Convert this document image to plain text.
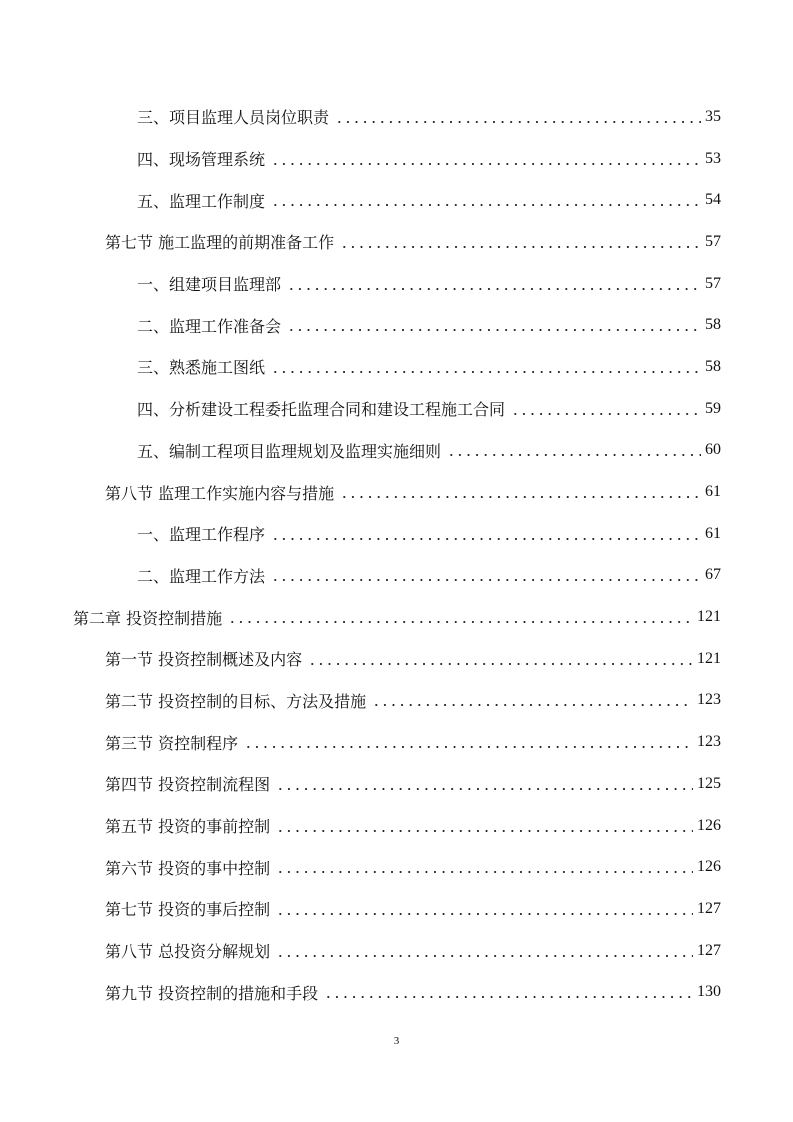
三、项目监理人员岗位职责	35
四、现场管理系统	53
五、监理工作制度	54
第七节 施工监理的前期准备工作	57
一、组建项目监理部	57
二、监理工作准备会	58
三、熟悉施工图纸	58
四、分析建设工程委托监理合同和建设工程施工合同	59
五、编制工程项目监理规划及监理实施细则	60
第八节 监理工作实施内容与措施	61
一、监理工作程序	61
二、监理工作方法	67
第二章 投资控制措施	121
第一节 投资控制概述及内容	121
第二节 投资控制的目标、方法及措施	123
第三节 资控制程序	123
第四节 投资控制流程图	125
第五节 投资的事前控制	126
第六节 投资的事中控制	126
第七节 投资的事后控制	127
第八节 总投资分解规划	127
第九节 投资控制的措施和手段	130
3
